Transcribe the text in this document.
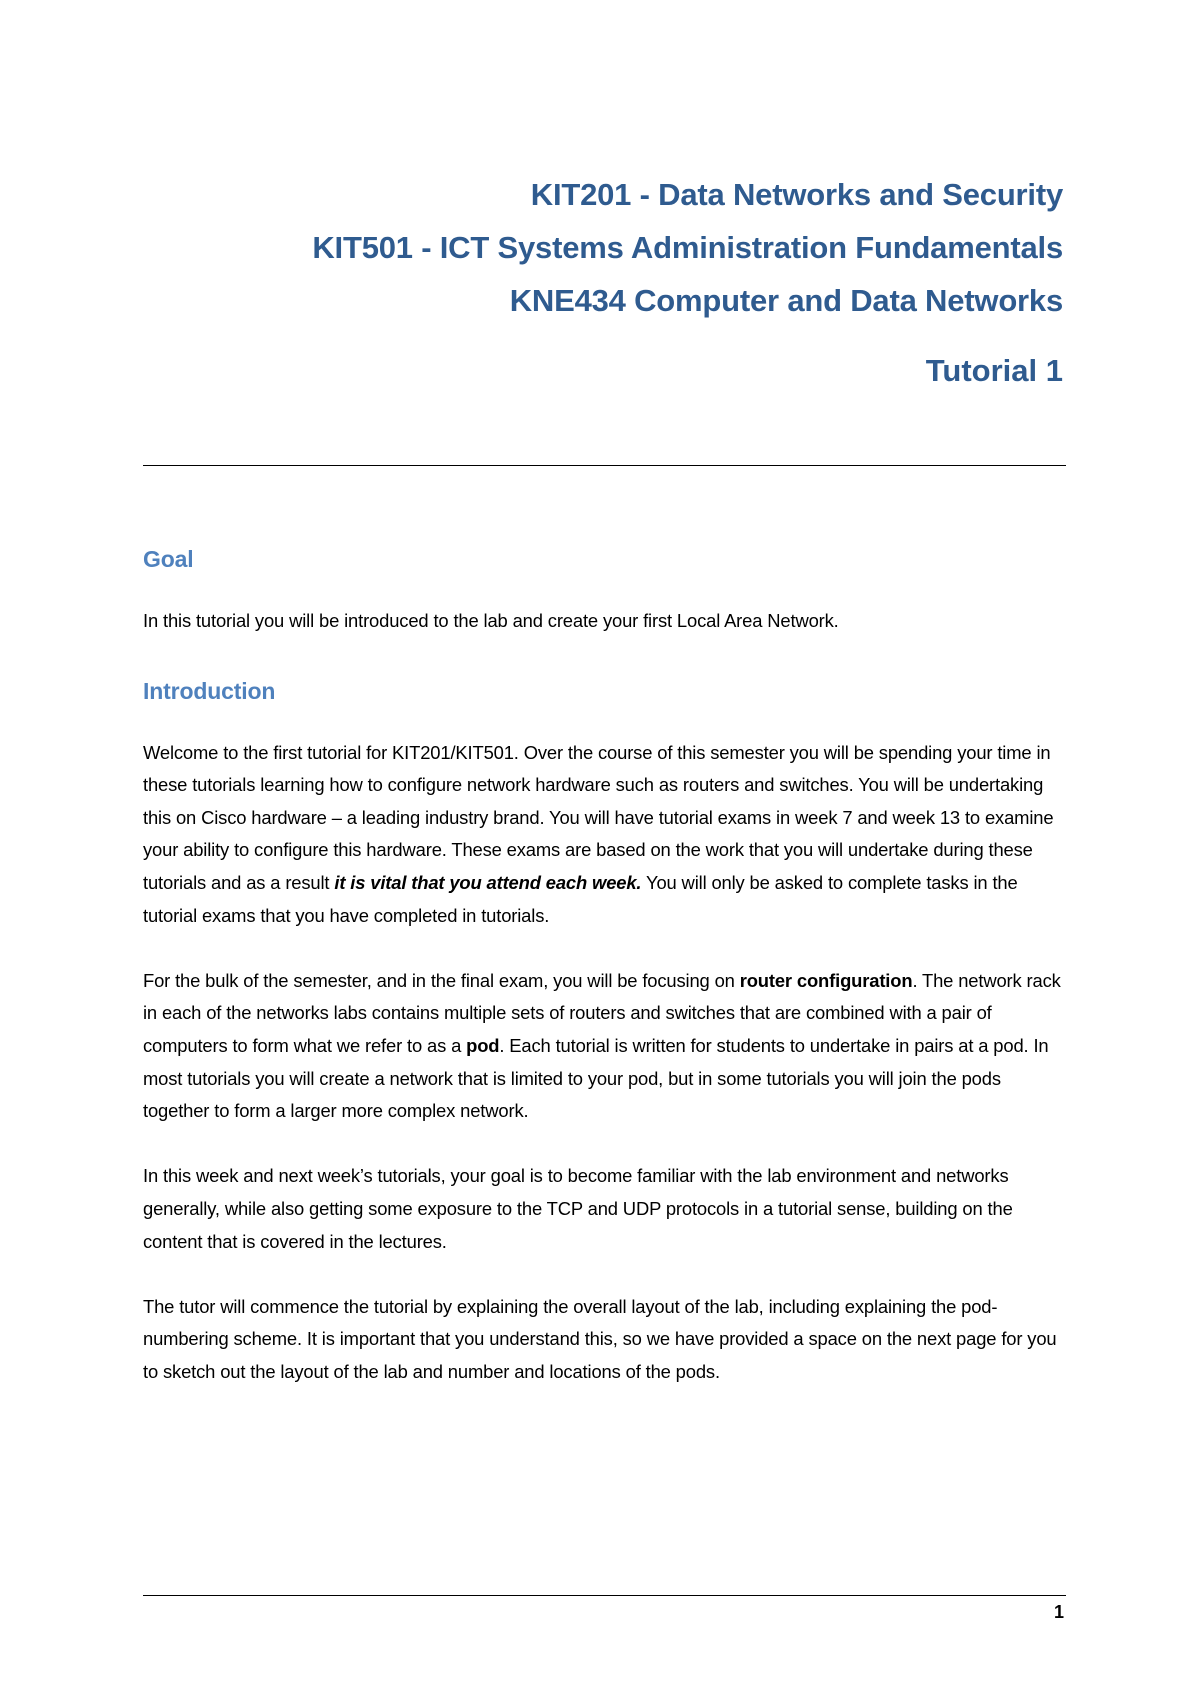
KIT201 - Data Networks and Security
KIT501 - ICT Systems Administration Fundamentals
KNE434 Computer and Data Networks
Tutorial 1
Goal

In this tutorial you will be introduced to the lab and create your first Local Area Network.

Introduction

Welcome to the first tutorial for KIT201/KIT501. Over the course of this semester you will be spending your time in these tutorials learning how to configure network hardware such as routers and switches. You will be undertaking this on Cisco hardware – a leading industry brand. You will have tutorial exams in week 7 and week 13 to examine your ability to configure this hardware. These exams are based on the work that you will undertake during these tutorials and as a result it is vital that you attend each week. You will only be asked to complete tasks in the tutorial exams that you have completed in tutorials.

For the bulk of the semester, and in the final exam, you will be focusing on router configuration. The network rack in each of the networks labs contains multiple sets of routers and switches that are combined with a pair of computers to form what we refer to as a pod. Each tutorial is written for students to undertake in pairs at a pod. In most tutorials you will create a network that is limited to your pod, but in some tutorials you will join the pods together to form a larger more complex network.

In this week and next week’s tutorials, your goal is to become familiar with the lab environment and networks generally, while also getting some exposure to the TCP and UDP protocols in a tutorial sense, building on the content that is covered in the lectures.

The tutor will commence the tutorial by explaining the overall layout of the lab, including explaining the pod-numbering scheme. It is important that you understand this, so we have provided a space on the next page for you to sketch out the layout of the lab and number and locations of the pods.

1
